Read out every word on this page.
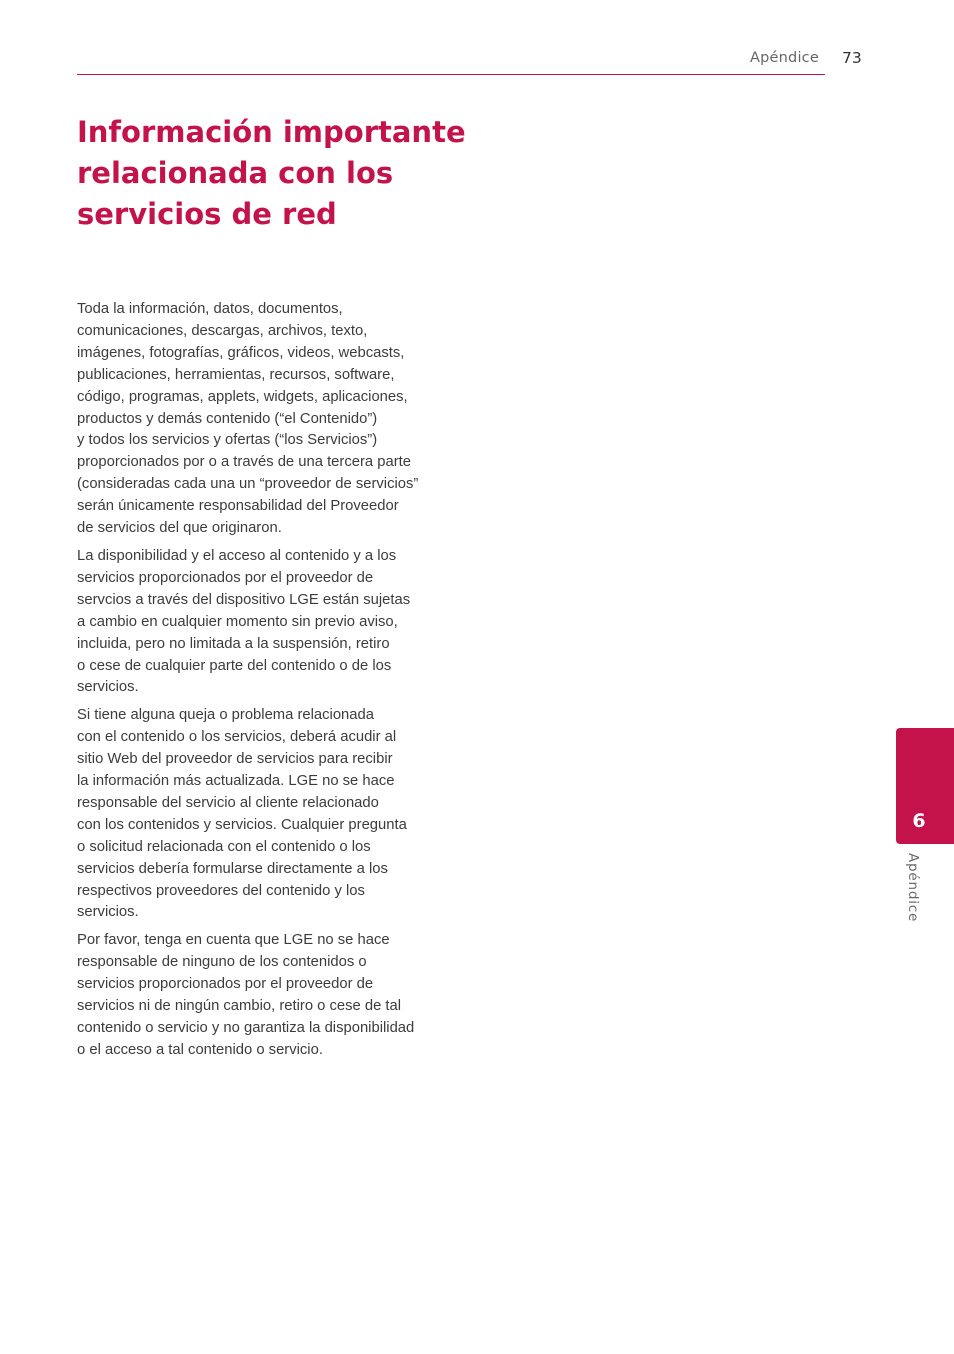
Apéndice 73
Información importante relacionada con los servicios de red

Toda la información, datos, documentos,
comunicaciones, descargas, archivos, texto,
imágenes, fotografías, gráficos, videos, webcasts,
publicaciones, herramientas, recursos, software,
código, programas, applets, widgets, aplicaciones,
productos y demás contenido (“el Contenido”)
y todos los servicios y ofertas (“los Servicios”)
proporcionados por o a través de una tercera parte
(consideradas cada una un “proveedor de servicios”
serán únicamente responsabilidad del Proveedor
de servicios del que originaron.

La disponibilidad y el acceso al contenido y a los
servicios proporcionados por el proveedor de
servcios a través del dispositivo LGE están sujetas
a cambio en cualquier momento sin previo aviso,
incluida, pero no limitada a la suspensión, retiro
o cese de cualquier parte del contenido o de los
servicios.

Si tiene alguna queja o problema relacionada
con el contenido o los servicios, deberá acudir al
sitio Web del proveedor de servicios para recibir
la información más actualizada. LGE no se hace
responsable del servicio al cliente relacionado
con los contenidos y servicios. Cualquier pregunta
o solicitud relacionada con el contenido o los
servicios debería formularse directamente a los
respectivos proveedores del contenido y los
servicios.

Por favor, tenga en cuenta que LGE no se hace
responsable de ninguno de los contenidos o
servicios proporcionados por el proveedor de
servicios ni de ningún cambio, retiro o cese de tal
contenido o servicio y no garantiza la disponibilidad
o el acceso a tal contenido o servicio.

6
Apéndice
